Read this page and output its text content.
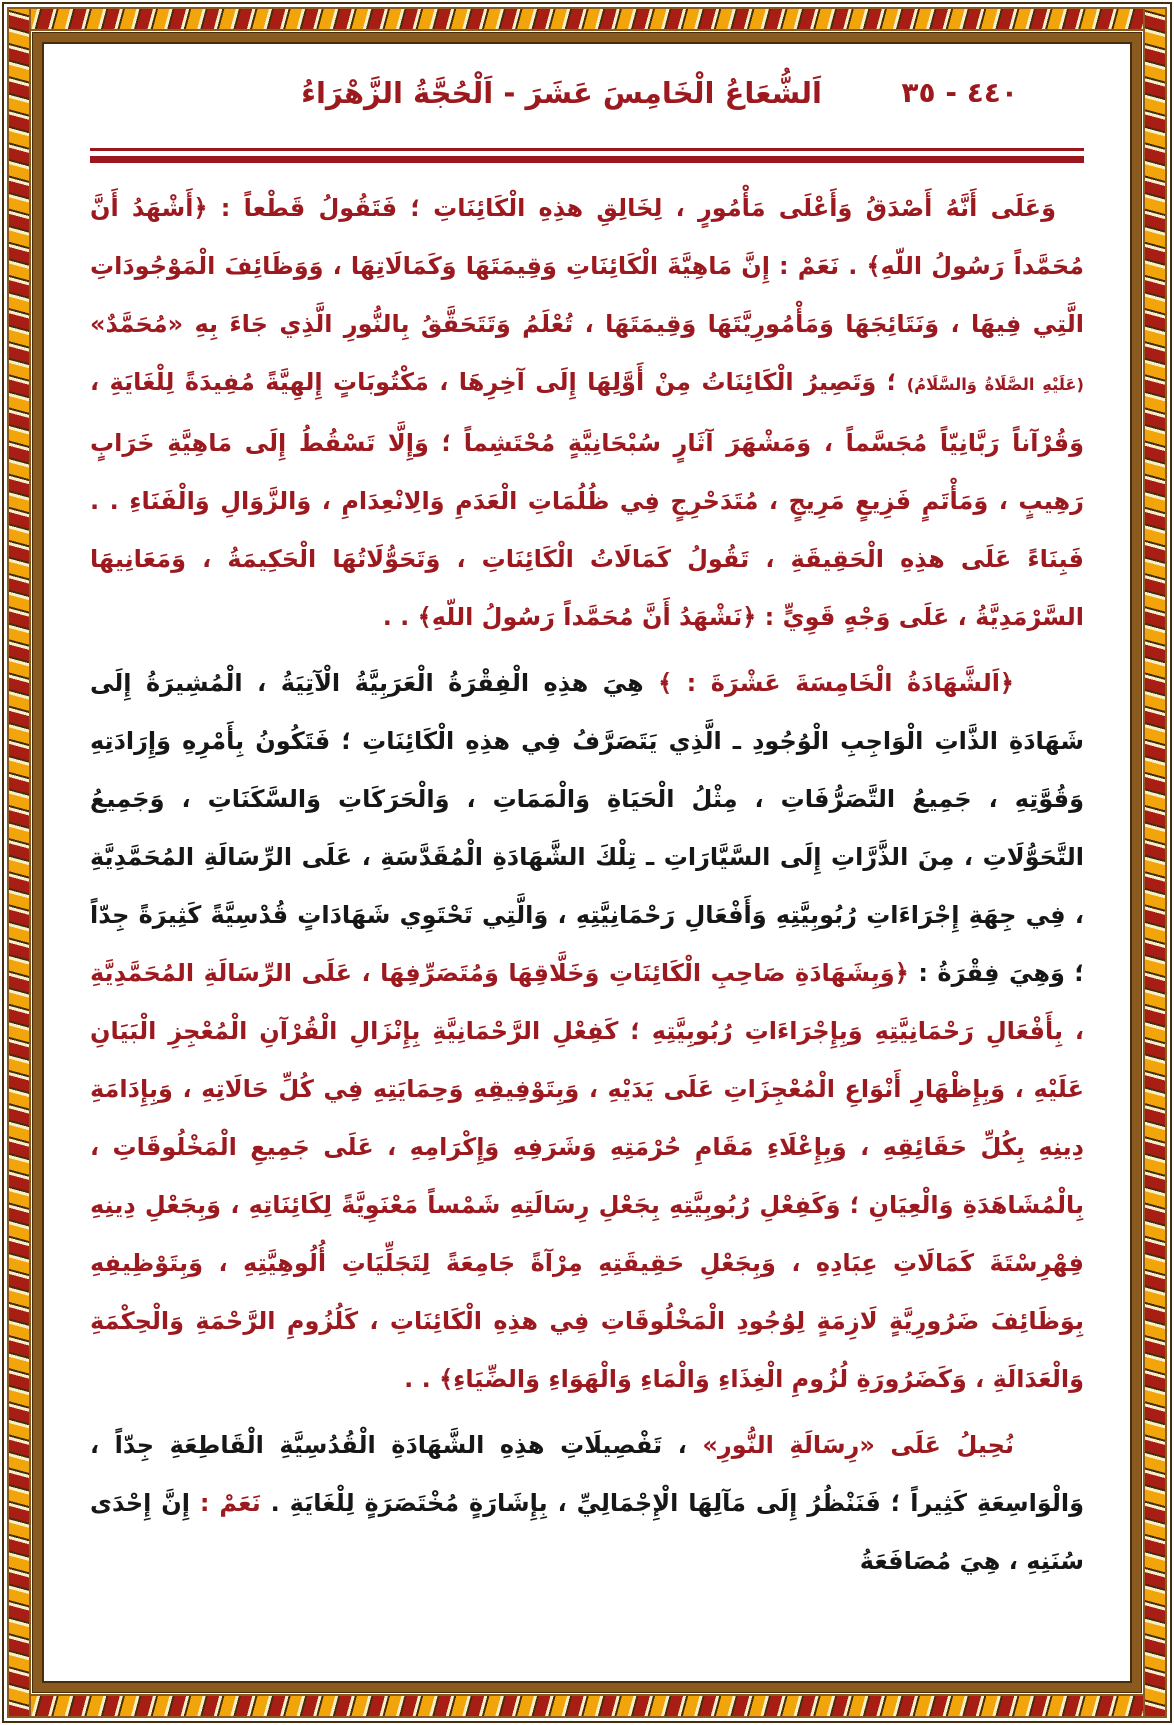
اَلشُّعَاعُ الْخَامِسَ عَشَرَ - اَلْحُجَّةُ الزَّهْرَاءُ	٣٥ - ٤٤٠

وَعَلَى أَنَّهُ أَصْدَقُ وَأَعْلَى مَأْمُورٍ ، لِخَالِقِ هذِهِ الْكَائِنَاتِ ؛ فَتَقُولُ قَطْعاً : ﴿أَشْهَدُ أَنَّ مُحَمَّداً رَسُولُ اللّهِ﴾ . نَعَمْ : إِنَّ مَاهِيَّةَ الْكَائِنَاتِ وَقِيمَتَهَا وَكَمَالَاتِهَا ، وَوَظَائِفَ الْمَوْجُودَاتِ الَّتِي فِيهَا ، وَنَتَائِجَهَا وَمَأْمُورِيَّتَهَا وَقِيمَتَهَا ، تُعْلَمُ وَتَتَحَقَّقُ بِالنُّورِ الَّذِي جَاءَ بِهِ «مُحَمَّدٌ» (عَلَيْهِ الصَّلَاةُ وَالسَّلَامُ) ؛ وَتَصِيرُ الْكَائِنَاتُ مِنْ أَوَّلِهَا إِلَى آخِرِهَا ، مَكْتُوبَاتٍ إِلهِيَّةً مُفِيدَةً لِلْغَايَةِ ، وَقُرْآناً رَبَّانِيّاً مُجَسَّماً ، وَمَشْهَرَ آثَارٍ سُبْحَانِيَّةٍ مُحْتَشِماً ؛ وَإِلَّا تَسْقُطُ إِلَى مَاهِيَّةِ خَرَابٍ رَهِيبٍ ، وَمَأْتَمٍ فَزِيعٍ مَرِيجٍ ، مُتَدَحْرِجٍ فِي ظُلُمَاتِ الْعَدَمِ وَالِانْعِدَامِ ، وَالزَّوَالِ وَالْفَنَاءِ . . فَبِنَاءً عَلَى هذِهِ الْحَقِيقَةِ ، تَقُولُ كَمَالَاتُ الْكَائِنَاتِ ، وَتَحَوُّلَاتُهَا الْحَكِيمَةُ ، وَمَعَانِيهَا السَّرْمَدِيَّةُ ، عَلَى وَجْهٍ قَوِيٍّ : ﴿نَشْهَدُ أَنَّ مُحَمَّداً رَسُولُ اللّهِ﴾ . .

﴿اَلشَّهَادَةُ الْخَامِسَةَ عَشْرَةَ : ﴾ هِيَ هذِهِ الْفِقْرَةُ الْعَرَبِيَّةُ الْآتِيَةُ ، الْمُشِيرَةُ إِلَى شَهَادَةِ الذَّاتِ الْوَاجِبِ الْوُجُودِ ـ الَّذِي يَتَصَرَّفُ فِي هذِهِ الْكَائِنَاتِ ؛ فَتَكُونُ بِأَمْرِهِ وَإِرَادَتِهِ وَقُوَّتِهِ ، جَمِيعُ التَّصَرُّفَاتِ ، مِثْلُ الْحَيَاةِ وَالْمَمَاتِ ، وَالْحَرَكَاتِ وَالسَّكَنَاتِ ، وَجَمِيعُ التَّحَوُّلَاتِ ، مِنَ الذَّرَّاتِ إِلَى السَّيَّارَاتِ ـ تِلْكَ الشَّهَادَةِ الْمُقَدَّسَةِ ، عَلَى الرِّسَالَةِ المُحَمَّدِيَّةِ ، فِي جِهَةِ إِجْرَاءَاتِ رُبُوبِيَّتِهِ وَأَفْعَالِ رَحْمَانِيَّتِهِ ، وَالَّتِي تَحْتَوِي شَهَادَاتٍ قُدْسِيَّةً كَثِيرَةً جِدّاً ؛ وَهِيَ فِقْرَةُ : ﴿وَبِشَهَادَةِ صَاحِبِ الْكَائِنَاتِ وَخَلَّاقِهَا وَمُتَصَرِّفِهَا ، عَلَى الرِّسَالَةِ المُحَمَّدِيَّةِ ، بِأَفْعَالِ رَحْمَانِيَّتِهِ وَبِإِجْرَاءَاتِ رُبُوبِيَّتِهِ ؛ كَفِعْلِ الرَّحْمَانِيَّةِ بِإِنْزَالِ الْقُرْآنِ الْمُعْجِزِ الْبَيَانِ عَلَيْهِ ، وَبِإِظْهَارِ أَنْوَاعِ الْمُعْجِزَاتِ عَلَى يَدَيْهِ ، وَبِتَوْفِيقِهِ وَحِمَايَتِهِ فِي كُلِّ حَالَاتِهِ ، وَبِإِدَامَةِ دِينِهِ بِكُلِّ حَقَائِقِهِ ، وَبِإِعْلَاءِ مَقَامِ حُرْمَتِهِ وَشَرَفِهِ وَإِكْرَامِهِ ، عَلَى جَمِيعِ الْمَخْلُوقَاتِ ، بِالْمُشَاهَدَةِ وَالْعِيَانِ ؛ وَكَفِعْلِ رُبُوبِيَّتِهِ بِجَعْلِ رِسَالَتِهِ شَمْساً مَعْنَوِيَّةً لِكَائِنَاتِهِ ، وَبِجَعْلِ دِينِهِ فِهْرِسْتَةَ كَمَالَاتِ عِبَادِهِ ، وَبِجَعْلِ حَقِيقَتِهِ مِرْآةً جَامِعَةً لِتَجَلِّيَاتِ أُلُوهِيَّتِهِ ، وَبِتَوْظِيفِهِ بِوَظَائِفَ ضَرُورِيَّةٍ لَازِمَةٍ لِوُجُودِ الْمَخْلُوقَاتِ فِي هذِهِ الْكَائِنَاتِ ، كَلُزُومِ الرَّحْمَةِ وَالْحِكْمَةِ وَالْعَدَالَةِ ، وَكَضَرُورَةِ لُزُومِ الْغِذَاءِ وَالْمَاءِ وَالْهَوَاءِ وَالضِّيَاءِ﴾ . .

نُحِيلُ عَلَى «رِسَالَةِ النُّورِ» ، تَفْصِيلَاتِ هذِهِ الشَّهَادَةِ الْقُدُسِيَّةِ الْقَاطِعَةِ جِدّاً ، وَالْوَاسِعَةِ كَثِيراً ؛ فَنَنْظُرُ إِلَى مَآلِهَا الْإِجْمَالِيِّ ، بِإِشَارَةٍ مُخْتَصَرَةٍ لِلْغَايَةِ . نَعَمْ : إِنَّ إِحْدَى سُنَنِهِ ، هِيَ مُصَافَعَةُ
